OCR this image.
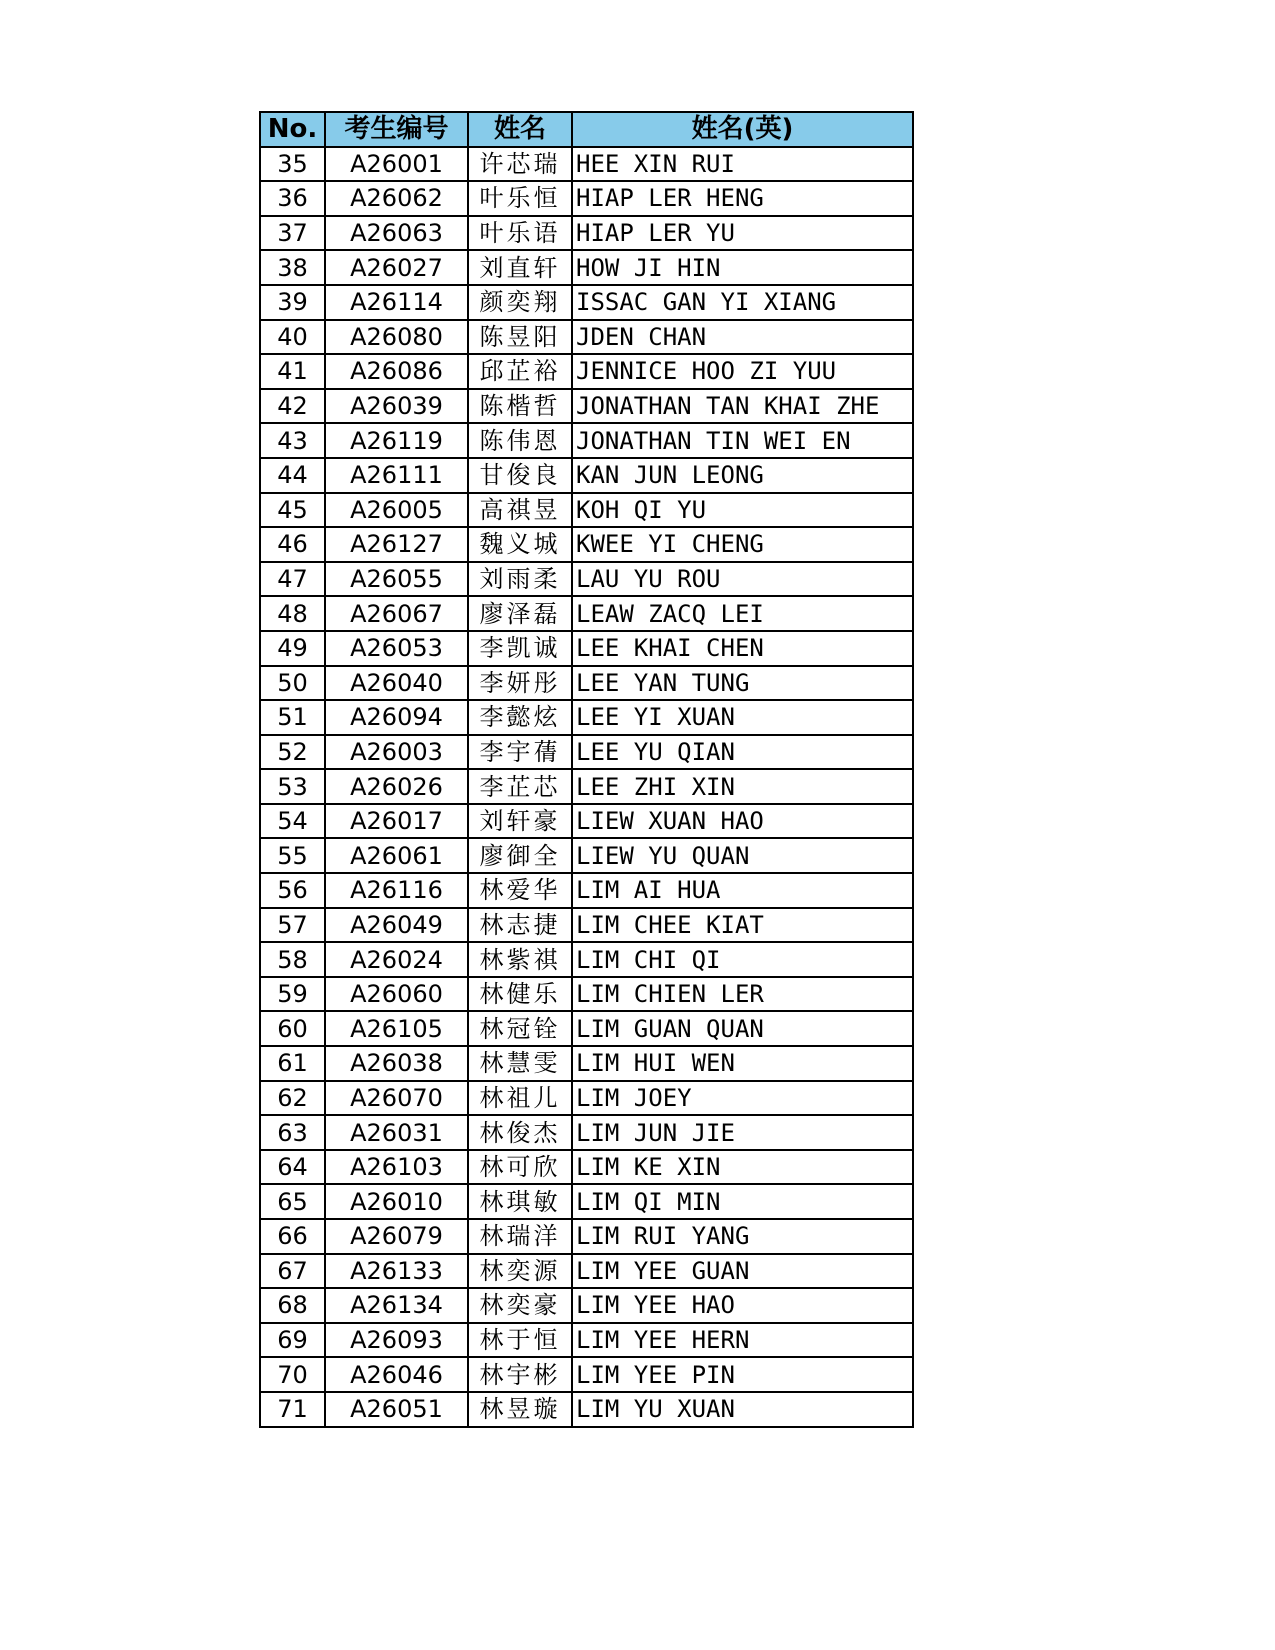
No.	考生编号	姓名	姓名(英)
35	A26001	许芯瑞	HEE XIN RUI
36	A26062	叶乐恒	HIAP LER HENG
37	A26063	叶乐语	HIAP LER YU
38	A26027	刘直轩	HOW JI HIN
39	A26114	颜奕翔	ISSAC GAN YI XIANG
40	A26080	陈昱阳	JDEN CHAN
41	A26086	邱芷裕	JENNICE HOO ZI YUU
42	A26039	陈楷哲	JONATHAN TAN KHAI ZHE
43	A26119	陈伟恩	JONATHAN TIN WEI EN
44	A26111	甘俊良	KAN JUN LEONG
45	A26005	高祺昱	KOH QI YU
46	A26127	魏义城	KWEE YI CHENG
47	A26055	刘雨柔	LAU YU ROU
48	A26067	廖泽磊	LEAW ZACQ LEI
49	A26053	李凯诚	LEE KHAI CHEN
50	A26040	李妍彤	LEE YAN TUNG
51	A26094	李懿炫	LEE YI XUAN
52	A26003	李宇蒨	LEE YU QIAN
53	A26026	李芷芯	LEE ZHI XIN
54	A26017	刘轩豪	LIEW XUAN HAO
55	A26061	廖御全	LIEW YU QUAN
56	A26116	林爱华	LIM AI HUA
57	A26049	林志捷	LIM CHEE KIAT
58	A26024	林紫祺	LIM CHI QI
59	A26060	林健乐	LIM CHIEN LER
60	A26105	林冠铨	LIM GUAN QUAN
61	A26038	林慧雯	LIM HUI WEN
62	A26070	林祖儿	LIM JOEY
63	A26031	林俊杰	LIM JUN JIE
64	A26103	林可欣	LIM KE XIN
65	A26010	林琪敏	LIM QI MIN
66	A26079	林瑞洋	LIM RUI YANG
67	A26133	林奕源	LIM YEE GUAN
68	A26134	林奕豪	LIM YEE HAO
69	A26093	林于恒	LIM YEE HERN
70	A26046	林宇彬	LIM YEE PIN
71	A26051	林昱璇	LIM YU XUAN
